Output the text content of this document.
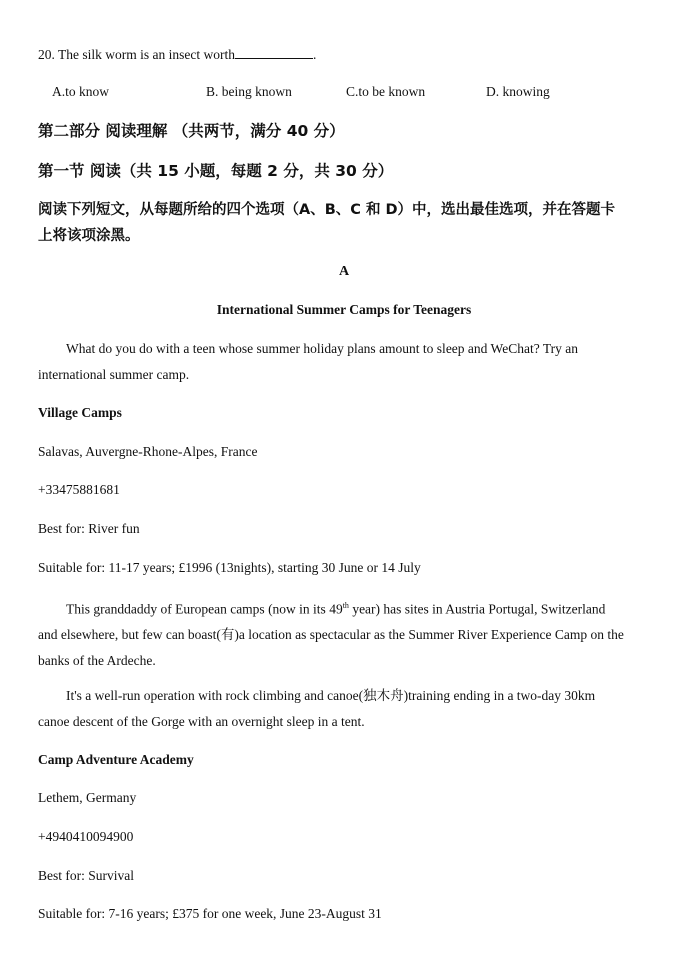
20. The silk worm is an insect worth	.
A.to know	B. being known	C.to be known	D. knowing
第二部分 阅读理解 （共两节，满分 40 分）
第一节 阅读（共 15 小题，每题 2 分，共 30 分）
阅读下列短文，从每题所给的四个选项（A、B、C 和 D）中，选出最佳选项，并在答题卡
上将该项涂黑。
A
International Summer Camps for Teenagers
What do you do with a teen whose summer holiday plans amount to sleep and WeChat? Try an
international summer camp.
Village Camps
Salavas, Auvergne-Rhone-Alpes, France
+33475881681
Best for: River fun
Suitable for: 11-17 years; £1996 (13nights), starting 30 June or 14 July
This granddaddy of European camps (now in its 49th year) has sites in Austria Portugal, Switzerland
and elsewhere, but few can boast(有)a location as spectacular as the Summer River Experience Camp on the
banks of the Ardeche.
It's a well-run operation with rock climbing and canoe(独木舟)training ending in a two-day 30km
canoe descent of the Gorge with an overnight sleep in a tent.
Camp Adventure Academy
Lethem, Germany
+4940410094900
Best for: Survival
Suitable for: 7-16 years; £375 for one week, June 23-August 31
